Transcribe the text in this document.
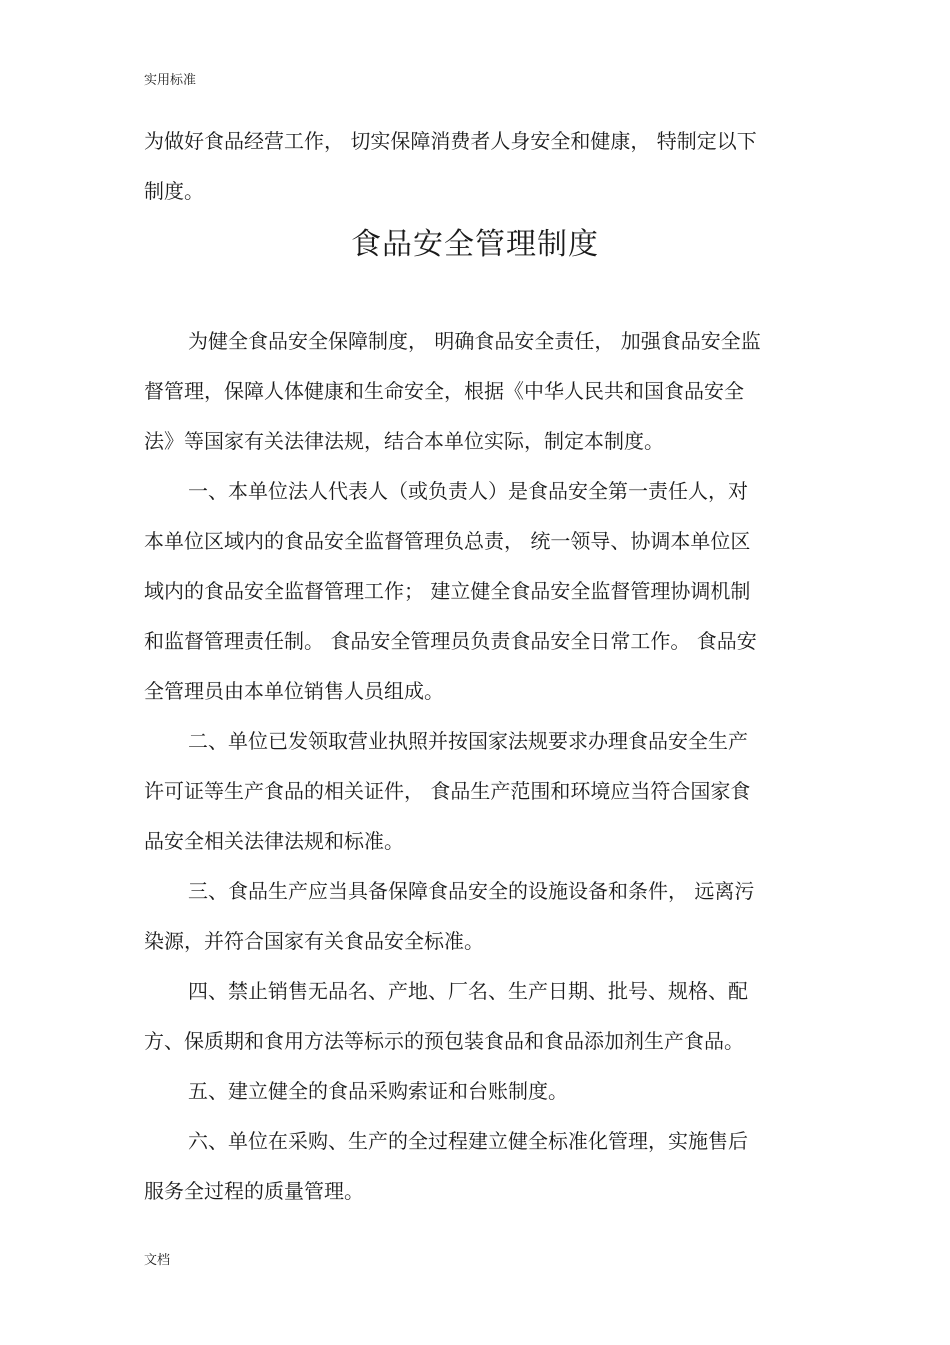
实用标准
为做好食品经营工作， 切实保障消费者人身安全和健康， 特制定以下
制度。
食品安全管理制度
为健全食品安全保障制度， 明确食品安全责任， 加强食品安全监
督管理，保障人体健康和生命安全，根据《中华人民共和国食品安全
法》等国家有关法律法规，结合本单位实际，制定本制度。
一、本单位法人代表人（或负责人）是食品安全第一责任人，对
本单位区域内的食品安全监督管理负总责， 统一领导、协调本单位区
域内的食品安全监督管理工作； 建立健全食品安全监督管理协调机制
和监督管理责任制。 食品安全管理员负责食品安全日常工作。 食品安
全管理员由本单位销售人员组成。
二、单位已发领取营业执照并按国家法规要求办理食品安全生产
许可证等生产食品的相关证件， 食品生产范围和环境应当符合国家食
品安全相关法律法规和标准。
三、食品生产应当具备保障食品安全的设施设备和条件， 远离污
染源，并符合国家有关食品安全标准。
四、禁止销售无品名、产地、厂名、生产日期、批号、规格、配
方、保质期和食用方法等标示的预包装食品和食品添加剂生产食品。
五、建立健全的食品采购索证和台账制度。
六、单位在采购、生产的全过程建立健全标准化管理，实施售后
服务全过程的质量管理。
文档
